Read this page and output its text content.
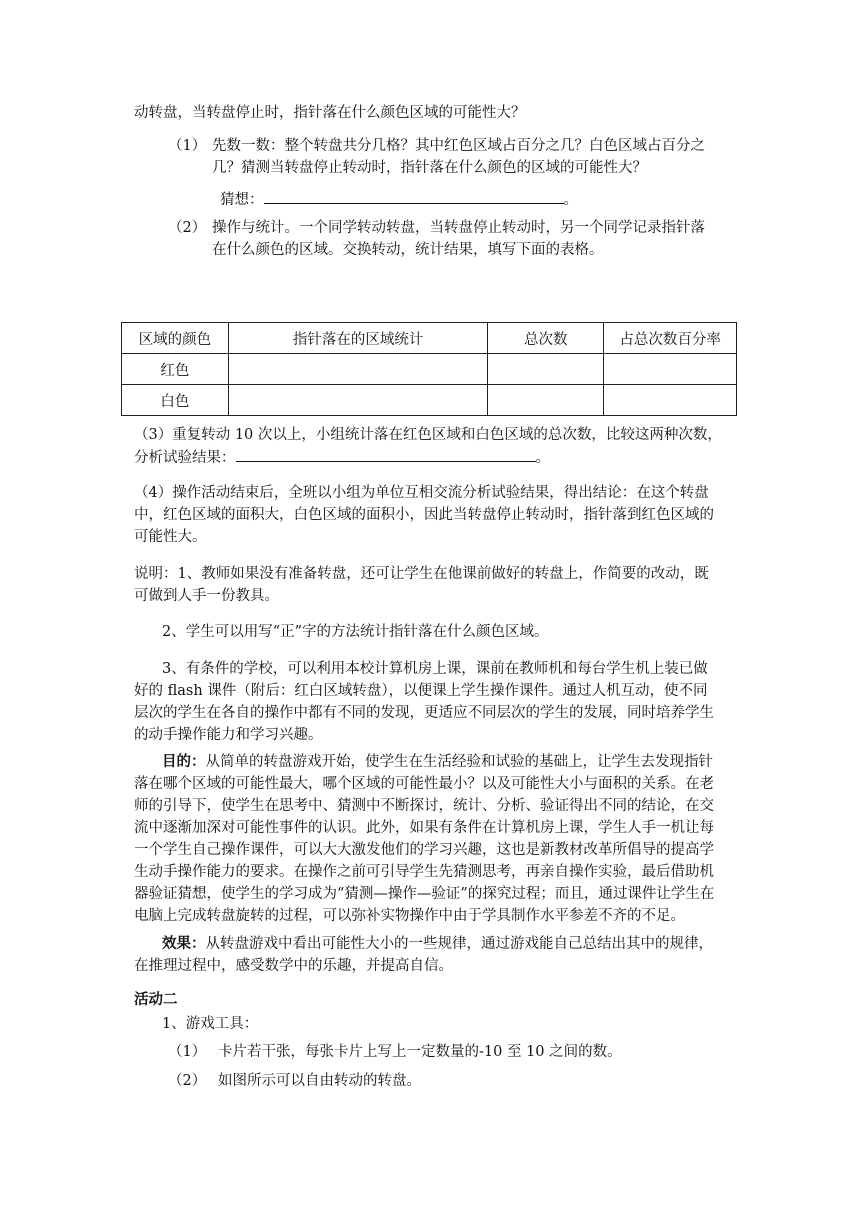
动转盘，当转盘停止时，指针落在什么颜色区域的可能性大？
（1） 先数一数：整个转盘共分几格？其中红色区域占百分之几？白色区域占百分之
几？猜测当转盘停止转动时，指针落在什么颜色的区域的可能性大？
猜想：	。
（2） 操作与统计。一个同学转动转盘，当转盘停止转动时，另一个同学记录指针落
在什么颜色的区域。交换转动，统计结果，填写下面的表格。
区域的颜色	指针落在的区域统计	总次数	占总次数百分率
红色			
白色			
（3）重复转动 10 次以上，小组统计落在红色区域和白色区域的总次数，比较这两种次数，
分析试验结果：	。
（4）操作活动结束后，全班以小组为单位互相交流分析试验结果，得出结论：在这个转盘
中，红色区域的面积大，白色区域的面积小，因此当转盘停止转动时，指针落到红色区域的
可能性大。
说明：1、教师如果没有准备转盘，还可让学生在他课前做好的转盘上，作简要的改动，既
可做到人手一份教具。
2、学生可以用写“正”字的方法统计指针落在什么颜色区域。
3、有条件的学校，可以利用本校计算机房上课，课前在教师机和每台学生机上装已做
好的 flash 课件（附后：红白区域转盘），以便课上学生操作课件。通过人机互动，使不同
层次的学生在各自的操作中都有不同的发现，更适应不同层次的学生的发展，同时培养学生
的动手操作能力和学习兴趣。
目的：从简单的转盘游戏开始，使学生在生活经验和试验的基础上，让学生去发现指针
落在哪个区域的可能性最大，哪个区域的可能性最小？以及可能性大小与面积的关系。在老
师的引导下，使学生在思考中、猜测中不断探讨，统计、分析、验证得出不同的结论，在交
流中逐渐加深对可能性事件的认识。此外，如果有条件在计算机房上课，学生人手一机让每
一个学生自己操作课件，可以大大激发他们的学习兴趣，这也是新教材改革所倡导的提高学
生动手操作能力的要求。在操作之前可引导学生先猜测思考，再亲自操作实验，最后借助机
器验证猜想，使学生的学习成为“猜测—操作—验证”的探究过程；而且，通过课件让学生在
电脑上完成转盘旋转的过程，可以弥补实物操作中由于学具制作水平参差不齐的不足。
效果：从转盘游戏中看出可能性大小的一些规律，通过游戏能自己总结出其中的规律，
在推理过程中，感受数学中的乐趣，并提高自信。
活动二
1、游戏工具：
（1） 卡片若干张，每张卡片上写上一定数量的-10 至 10 之间的数。
（2） 如图所示可以自由转动的转盘。
